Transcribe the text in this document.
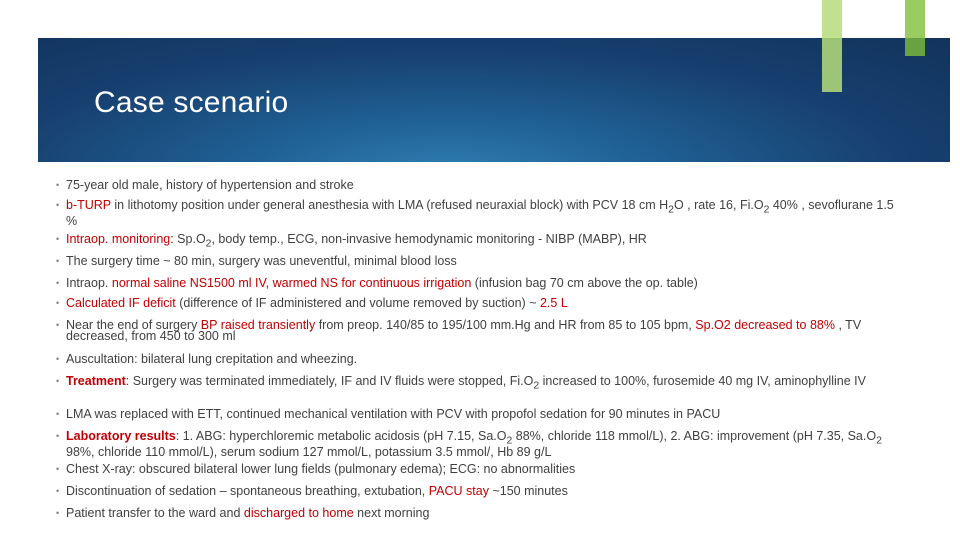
Case scenario
• 75-year old male, history of hypertension and stroke
• b-TURP in lithotomy position under general anesthesia with LMA (refused neuraxial block) with PCV 18 cm $H_2O$ , rate 16, $Fi.O_2$ 40% , sevoflurane 1.5 %
• Intraop. monitoring: $Sp.O_2$, body temp., ECG, non-invasive hemodynamic monitoring - NIBP (MABP), HR
• The surgery time ~ 80 min, surgery was uneventful, minimal blood loss
• Intraop. normal saline NS1500 ml IV, warmed NS for continuous irrigation (infusion bag 70 cm above the op. table)
• Calculated IF deficit (difference of IF administered and volume removed by suction) ~ 2.5 L
• Near the end of surgery BP raised transiently from preop. 140/85 to 195/100 mm.Hg and HR from 85 to 105 bpm, Sp.O2 decreased to 88% , TV decreased, from 450 to 300 ml
• Auscultation: bilateral lung crepitation and wheezing.
• Treatment: Surgery was terminated immediately, IF and IV fluids were stopped, $Fi.O_2$ increased to 100%, furosemide 40 mg IV, aminophylline IV
• LMA was replaced with ETT, continued mechanical ventilation with PCV with propofol sedation for 90 minutes in PACU
• Laboratory results: 1. ABG: hyperchloremic metabolic acidosis (pH 7.15, $Sa.O_2$ 88%, chloride 118 mmol/L), 2. ABG: improvement (pH 7.35, $Sa.O_2$ 98%, chloride 110 mmol/L), serum sodium 127 mmol/L, potassium 3.5 mmol/, Hb 89 g/L
• Chest X-ray: obscured bilateral lower lung fields (pulmonary edema); ECG: no abnormalities
• Discontinuation of sedation – spontaneous breathing, extubation, PACU stay ~150 minutes
• Patient transfer to the ward and discharged to home next morning
